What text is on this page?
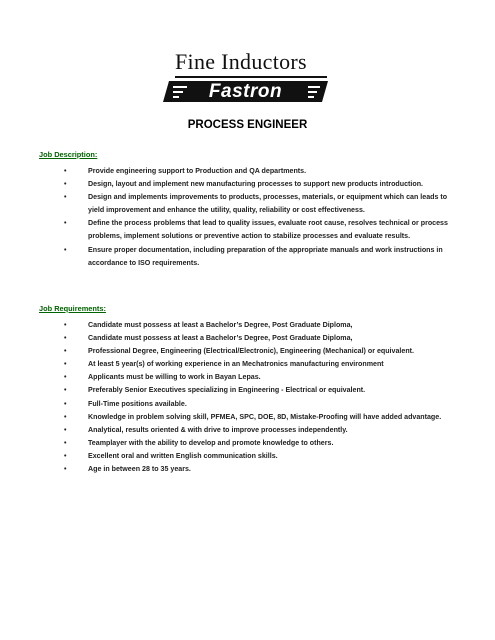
Fine Inductors
Fastron
PROCESS ENGINEER
Job Description:
•	Provide engineering support to Production and QA departments.
•	Design, layout and implement new manufacturing processes to support new products introduction.
•	Design and implements improvements to products, processes, materials, or equipment which can leads to yield improvement and enhance the utility, quality, reliability or cost effectiveness.
•	Define the process problems that lead to quality issues, evaluate root cause, resolves technical or process problems, implement solutions or preventive action to stabilize processes and evaluate results.
•	Ensure proper documentation, including preparation of the appropriate manuals and work instructions in accordance to ISO requirements.
Job Requirements:
•	Candidate must possess at least a Bachelor’s Degree, Post Graduate Diploma,
•	Candidate must possess at least a Bachelor’s Degree, Post Graduate Diploma,
•	Professional Degree, Engineering (Electrical/Electronic), Engineering (Mechanical) or equivalent.
•	At least 5 year(s) of working experience in an Mechatronics manufacturing environment
•	Applicants must be willing to work in Bayan Lepas.
•	Preferably Senior Executives specializing in Engineering - Electrical or equivalent.
•	Full-Time positions available.
•	Knowledge in problem solving skill, PFMEA, SPC, DOE, 8D, Mistake-Proofing will have added advantage.
•	Analytical, results oriented & with drive to improve processes independently.
•	Teamplayer with the ability to develop and promote knowledge to others.
•	Excellent oral and written English communication skills.
•	Age in between 28 to 35 years.
